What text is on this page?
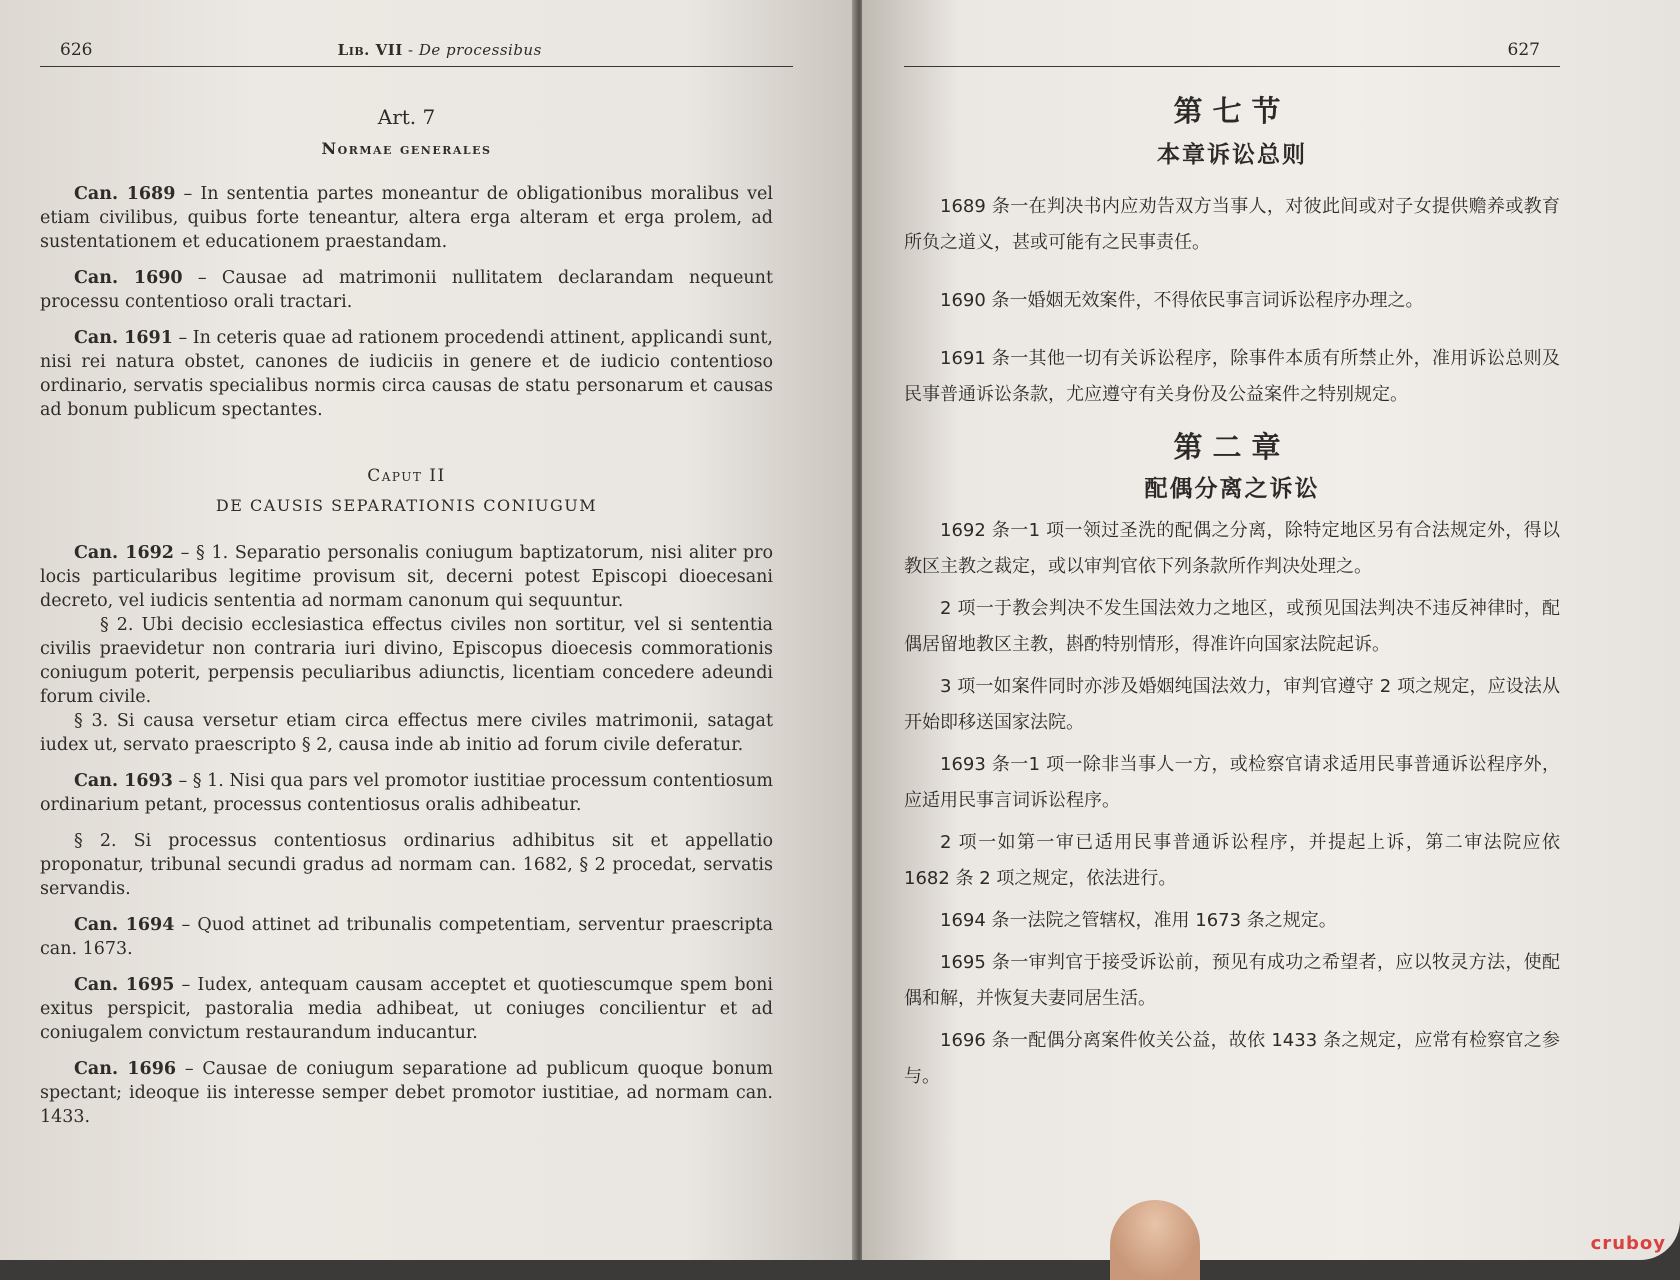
626	Lib. VII - De processibus
Art. 7
Normae generales

Can. 1689 – In sententia partes moneantur de obligationibus moralibus vel etiam civilibus, quibus forte teneantur, altera erga alteram et erga prolem, ad sustentationem et educationem praestandam.

Can. 1690 – Causae ad matrimonii nullitatem declarandam nequeunt processu contentioso orali tractari.

Can. 1691 – In ceteris quae ad rationem procedendi attinent, applicandi sunt, nisi rei natura obstet, canones de iudiciis in genere et de iudicio contentioso ordinario, servatis specialibus normis circa causas de statu personarum et causas ad bonum publicum spectantes.

Caput II
DE CAUSIS SEPARATIONIS CONIUGUM

Can. 1692 – § 1. Separatio personalis coniugum baptizatorum, nisi aliter pro locis particularibus legitime provisum sit, decerni potest Episcopi dioecesani decreto, vel iudicis sententia ad normam canonum qui sequuntur.

§ 2. Ubi decisio ecclesiastica effectus civiles non sortitur, vel si sententia civilis praevidetur non contraria iuri divino, Episcopus dioecesis commorationis coniugum poterit, perpensis peculiaribus adiunctis, licentiam concedere adeundi forum civile.

§ 3. Si causa versetur etiam circa effectus mere civiles matrimonii, satagat iudex ut, servato praescripto § 2, causa inde ab initio ad forum civile deferatur.

Can. 1693 – § 1. Nisi qua pars vel promotor iustitiae processum contentiosum ordinarium petant, processus contentiosus oralis adhibeatur.

§ 2. Si processus contentiosus ordinarius adhibitus sit et appellatio proponatur, tribunal secundi gradus ad normam can. 1682, § 2 procedat, servatis servandis.

Can. 1694 – Quod attinet ad tribunalis competentiam, serventur praescripta can. 1673.

Can. 1695 – Iudex, antequam causam acceptet et quotiescumque spem boni exitus perspicit, pastoralia media adhibeat, ut coniuges concilientur et ad coniugalem convictum restaurandum inducantur.

Can. 1696 – Causae de coniugum separatione ad publicum quoque bonum spectant; ideoque iis interesse semper debet promotor iustitiae, ad normam can. 1433.

627
第七节
本章诉讼总则

1689 条一在判决书内应劝告双方当事人，对彼此间或对子女提供赡养或教育所负之道义，甚或可能有之民事责任。

1690 条一婚姻无效案件，不得依民事言词诉讼程序办理之。

1691 条一其他一切有关诉讼程序，除事件本质有所禁止外，准用诉讼总则及民事普通诉讼条款，尤应遵守有关身份及公益案件之特别规定。

第二章
配偶分离之诉讼

1692 条一1 项一领过圣洗的配偶之分离，除特定地区另有合法规定外，得以教区主教之裁定，或以审判官依下列条款所作判决处理之。

2 项一于教会判决不发生国法效力之地区，或预见国法判决不违反神律时，配偶居留地教区主教，斟酌特别情形，得准许向国家法院起诉。

3 项一如案件同时亦涉及婚姻纯国法效力，审判官遵守 2 项之规定，应设法从开始即移送国家法院。

1693 条一1 项一除非当事人一方，或检察官请求适用民事普通诉讼程序外，应适用民事言词诉讼程序。

2 项一如第一审已适用民事普通诉讼程序，并提起上诉，第二审法院应依 1682 条 2 项之规定，依法进行。

1694 条一法院之管辖权，准用 1673 条之规定。

1695 条一审判官于接受诉讼前，预见有成功之希望者，应以牧灵方法，使配偶和解，并恢复夫妻同居生活。

1696 条一配偶分离案件攸关公益，故依 1433 条之规定，应常有检察官之参与。

cruboy
